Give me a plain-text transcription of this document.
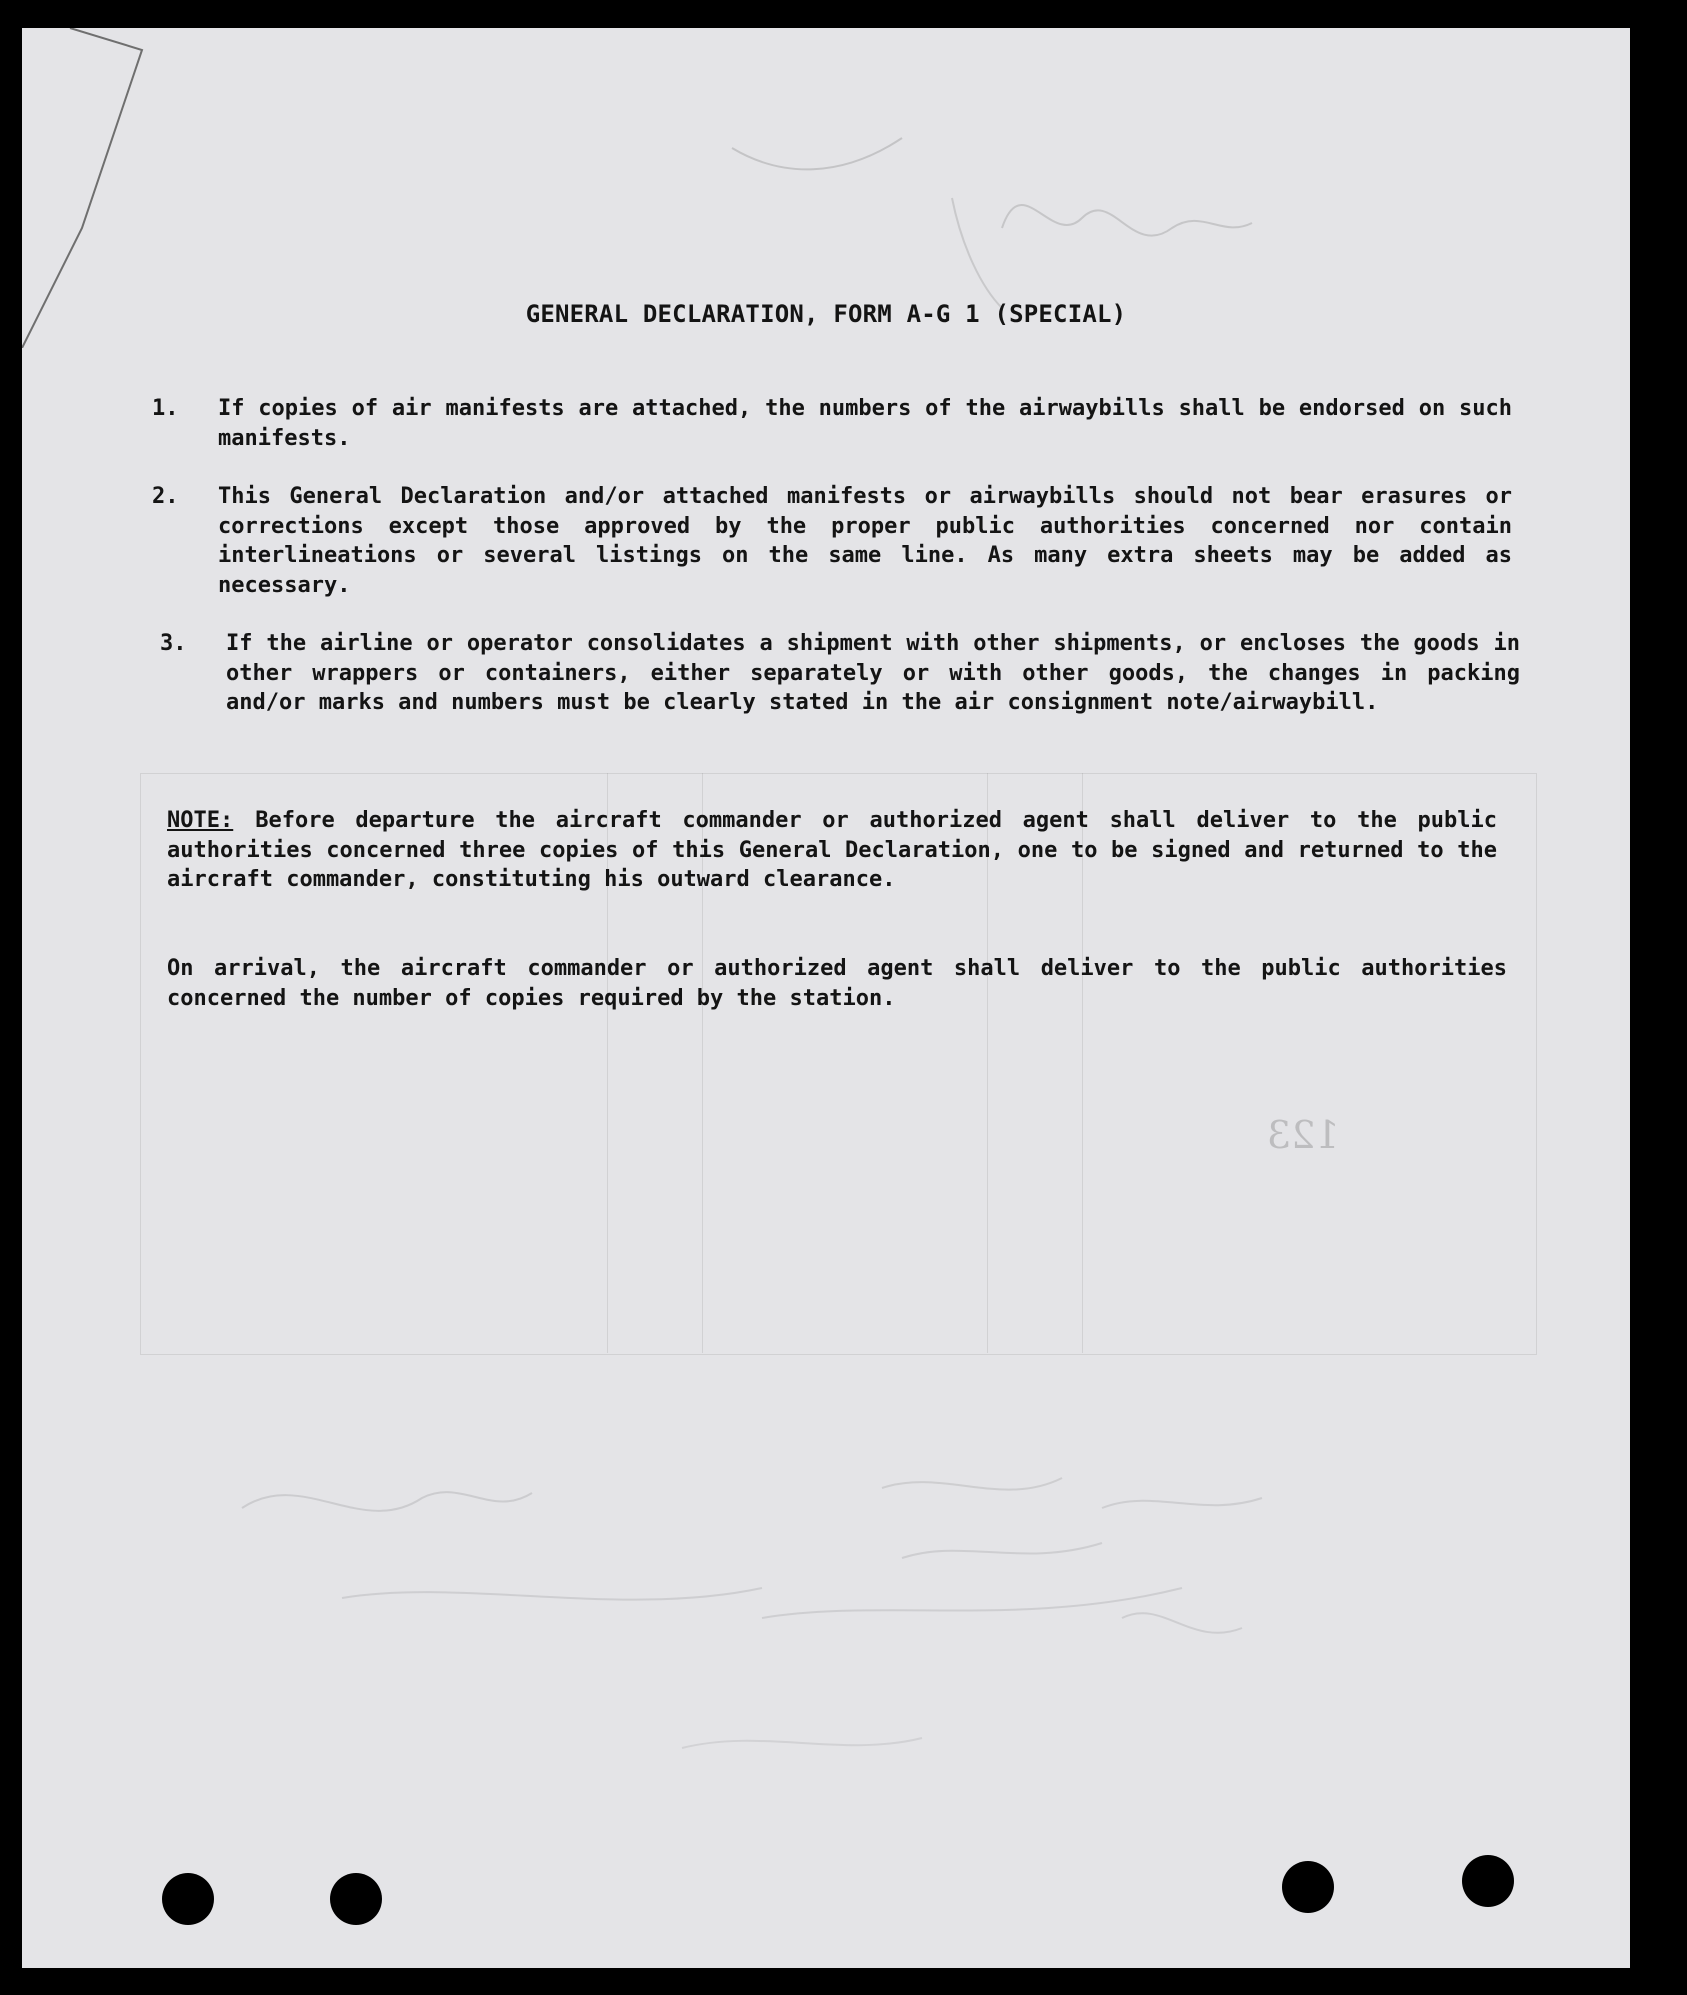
GENERAL DECLARATION, FORM A-G 1 (SPECIAL)
1.	If copies of air manifests are attached, the numbers of the airwaybills shall be endorsed on such manifests.
2.	This General Declaration and/or attached manifests or airwaybills should not bear erasures or corrections except those approved by the proper public authorities concerned nor contain interlineations or several listings on the same line. As many extra sheets may be added as necessary.
3.	If the airline or operator consolidates a shipment with other shipments, or encloses the goods in other wrappers or containers, either separately or with other goods, the changes in packing and/or marks and numbers must be clearly stated in the air consignment note/airwaybill.
NOTE: Before departure the aircraft commander or authorized agent shall deliver to the public authorities concerned three copies of this General Declaration, one to be signed and returned to the aircraft commander, constituting his outward clearance.
On arrival, the aircraft commander or authorized agent shall deliver to the public authorities concerned the number of copies required by the station.
123
